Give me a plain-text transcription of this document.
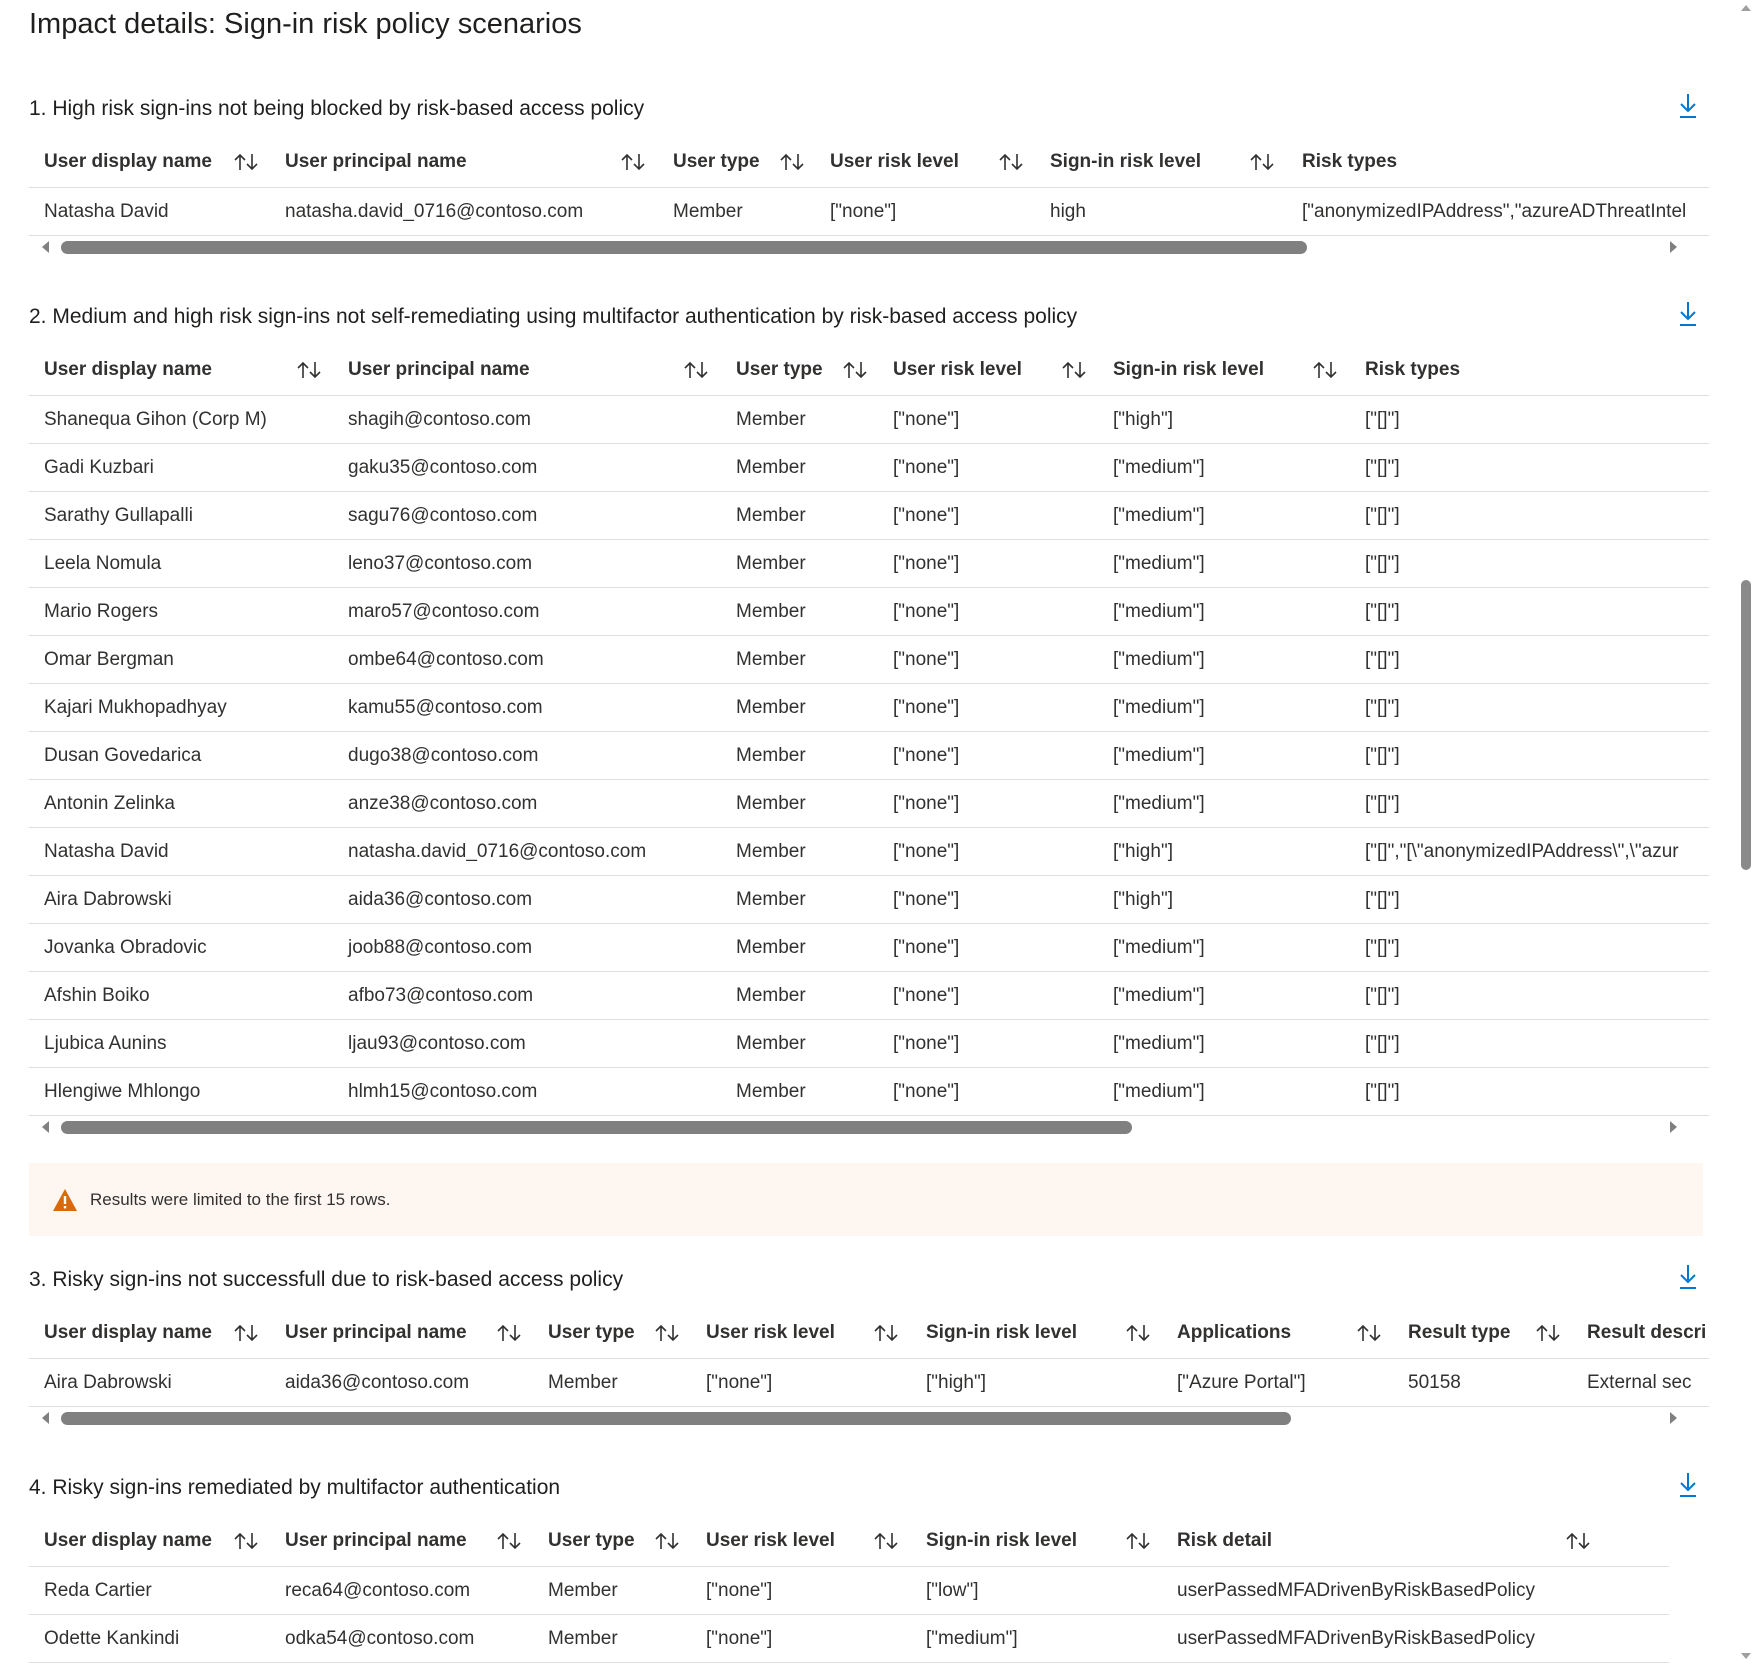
Impact details: Sign-in risk policy scenarios
1. High risk sign-ins not being blocked by risk-based access policy
User display name	User principal name	User type	User risk level	Sign-in risk level	Risk types
Natasha David	natasha.david_0716@contoso.com	Member	["none"]	high	["anonymizedIPAddress","azureADThreatIntel
2. Medium and high risk sign-ins not self-remediating using multifactor authentication by risk-based access policy
User display name	User principal name	User type	User risk level	Sign-in risk level	Risk types
Shanequa Gihon (Corp M)	shagih@contoso.com	Member	["none"]	["high"]	["[]"]
Gadi Kuzbari	gaku35@contoso.com	Member	["none"]	["medium"]	["[]"]
Sarathy Gullapalli	sagu76@contoso.com	Member	["none"]	["medium"]	["[]"]
Leela Nomula	leno37@contoso.com	Member	["none"]	["medium"]	["[]"]
Mario Rogers	maro57@contoso.com	Member	["none"]	["medium"]	["[]"]
Omar Bergman	ombe64@contoso.com	Member	["none"]	["medium"]	["[]"]
Kajari Mukhopadhyay	kamu55@contoso.com	Member	["none"]	["medium"]	["[]"]
Dusan Govedarica	dugo38@contoso.com	Member	["none"]	["medium"]	["[]"]
Antonin Zelinka	anze38@contoso.com	Member	["none"]	["medium"]	["[]"]
Natasha David	natasha.david_0716@contoso.com	Member	["none"]	["high"]	["[]","[\"anonymizedIPAddress\",\"azur
Aira Dabrowski	aida36@contoso.com	Member	["none"]	["high"]	["[]"]
Jovanka Obradovic	joob88@contoso.com	Member	["none"]	["medium"]	["[]"]
Afshin Boiko	afbo73@contoso.com	Member	["none"]	["medium"]	["[]"]
Ljubica Aunins	ljau93@contoso.com	Member	["none"]	["medium"]	["[]"]
Hlengiwe Mhlongo	hlmh15@contoso.com	Member	["none"]	["medium"]	["[]"]
Results were limited to the first 15 rows.
3. Risky sign-ins not successfull due to risk-based access policy
User display name	User principal name	User type	User risk level	Sign-in risk level	Applications	Result type	Result descri
Aira Dabrowski	aida36@contoso.com	Member	["none"]	["high"]	["Azure Portal"]	50158	External sec
4. Risky sign-ins remediated by multifactor authentication
User display name	User principal name	User type	User risk level	Sign-in risk level	Risk detail
Reda Cartier	reca64@contoso.com	Member	["none"]	["low"]	userPassedMFADrivenByRiskBasedPolicy
Odette Kankindi	odka54@contoso.com	Member	["none"]	["medium"]	userPassedMFADrivenByRiskBasedPolicy
